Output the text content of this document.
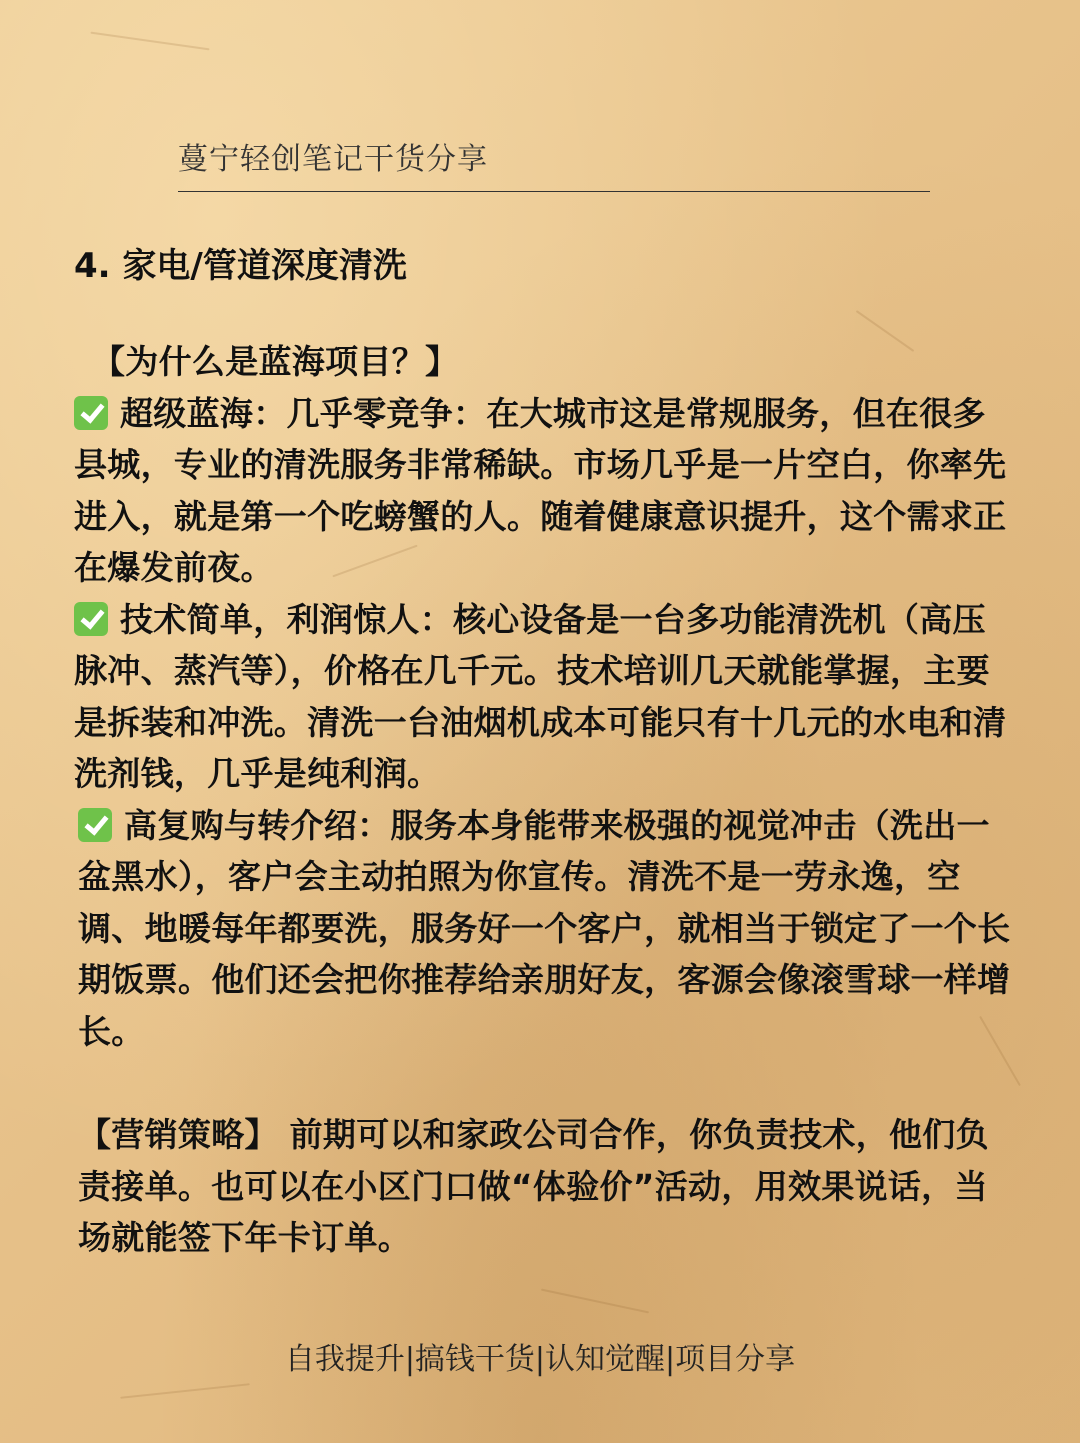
蔓宁轻创笔记干货分享
4. 家电/管道深度清洗

【为什么是蓝海项目？】

超级蓝海：几乎零竞争：在大城市这是常规服务，但在很多县城，专业的清洗服务非常稀缺。市场几乎是一片空白，你率先进入，就是第一个吃螃蟹的人。随着健康意识提升，这个需求正在爆发前夜。

技术简单，利润惊人：核心设备是一台多功能清洗机（高压脉冲、蒸汽等），价格在几千元。技术培训几天就能掌握，主要是拆装和冲洗。清洗一台油烟机成本可能只有十几元的水电和清洗剂钱，几乎是纯利润。

高复购与转介绍：服务本身能带来极强的视觉冲击（洗出一盆黑水），客户会主动拍照为你宣传。清洗不是一劳永逸，空调、地暖每年都要洗，服务好一个客户，就相当于锁定了一个长期饭票。他们还会把你推荐给亲朋好友，客源会像滚雪球一样增长。

【营销策略】 前期可以和家政公司合作，你负责技术，他们负责接单。也可以在小区门口做“体验价”活动，用效果说话，当场就能签下年卡订单。

自我提升|搞钱干货|认知觉醒|项目分享
